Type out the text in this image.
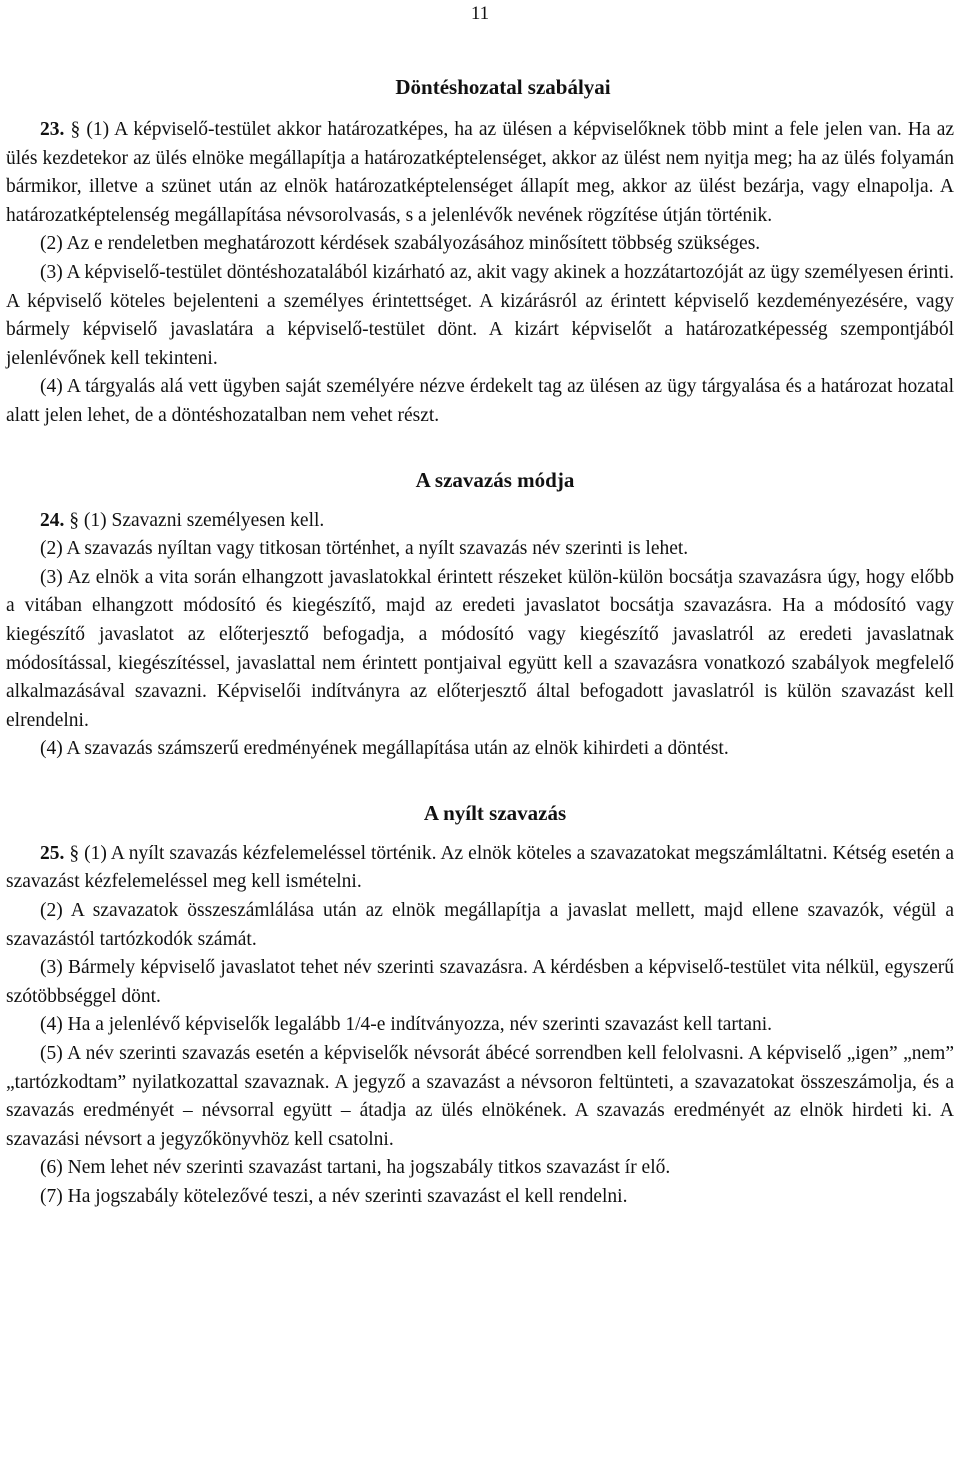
11
Döntéshozatal szabályai

23. § (1) A képviselő-testület akkor határozatképes, ha az ülésen a képviselőknek több mint a fele jelen van. Ha az ülés kezdetekor az ülés elnöke megállapítja a határozatképtelenséget, akkor az ülést nem nyitja meg; ha az ülés folyamán bármikor, illetve a szünet után az elnök határozatképtelenséget állapít meg, akkor az ülést bezárja, vagy elnapolja. A határozatképtelenség megállapítása névsorolvasás, s a jelenlévők nevének rögzítése útján történik.

(2) Az e rendeletben meghatározott kérdések szabályozásához minősített többség szükséges.

(3) A képviselő-testület döntéshozatalából kizárható az, akit vagy akinek a hozzátartozóját az ügy személyesen érinti. A képviselő köteles bejelenteni a személyes érintettséget. A kizárásról az érintett képviselő kezdeményezésére, vagy bármely képviselő javaslatára a képviselő-testület dönt. A kizárt képviselőt a határozatképesség szempontjából jelenlévőnek kell tekinteni.

(4) A tárgyalás alá vett ügyben saját személyére nézve érdekelt tag az ülésen az ügy tárgyalása és a határozat hozatal alatt jelen lehet, de a döntéshozatalban nem vehet részt.

A szavazás módja

24. § (1) Szavazni személyesen kell.

(2) A szavazás nyíltan vagy titkosan történhet, a nyílt szavazás név szerinti is lehet.

(3) Az elnök a vita során elhangzott javaslatokkal érintett részeket külön-külön bocsátja szavazásra úgy, hogy előbb a vitában elhangzott módosító és kiegészítő, majd az eredeti javaslatot bocsátja szavazásra. Ha a módosító vagy kiegészítő javaslatot az előterjesztő befogadja, a módosító vagy kiegészítő javaslatról az eredeti javaslatnak módosítással, kiegészítéssel, javaslattal nem érintett pontjaival együtt kell a szavazásra vonatkozó szabályok megfelelő alkalmazásával szavazni. Képviselői indítványra az előterjesztő által befogadott javaslatról is külön szavazást kell elrendelni.

(4) A szavazás számszerű eredményének megállapítása után az elnök kihirdeti a döntést.

A nyílt szavazás

25. § (1) A nyílt szavazás kézfelemeléssel történik. Az elnök köteles a szavazatokat megszámláltatni. Kétség esetén a szavazást kézfelemeléssel meg kell ismételni.

(2) A szavazatok összeszámlálása után az elnök megállapítja a javaslat mellett, majd ellene szavazók, végül a szavazástól tartózkodók számát.

(3) Bármely képviselő javaslatot tehet név szerinti szavazásra. A kérdésben a képviselő-testület vita nélkül, egyszerű szótöbbséggel dönt.

(4) Ha a jelenlévő képviselők legalább 1/4-e indítványozza, név szerinti szavazást kell tartani.

(5) A név szerinti szavazás esetén a képviselők névsorát ábécé sorrendben kell felolvasni. A képviselő „igen” „nem” „tartózkodtam” nyilatkozattal szavaznak. A jegyző a szavazást a névsoron feltünteti, a szavazatokat összeszámolja, és a szavazás eredményét – névsorral együtt – átadja az ülés elnökének. A szavazás eredményét az elnök hirdeti ki. A szavazási névsort a jegyzőkönyvhöz kell csatolni.

(6) Nem lehet név szerinti szavazást tartani, ha jogszabály titkos szavazást ír elő.

(7) Ha jogszabály kötelezővé teszi, a név szerinti szavazást el kell rendelni.
